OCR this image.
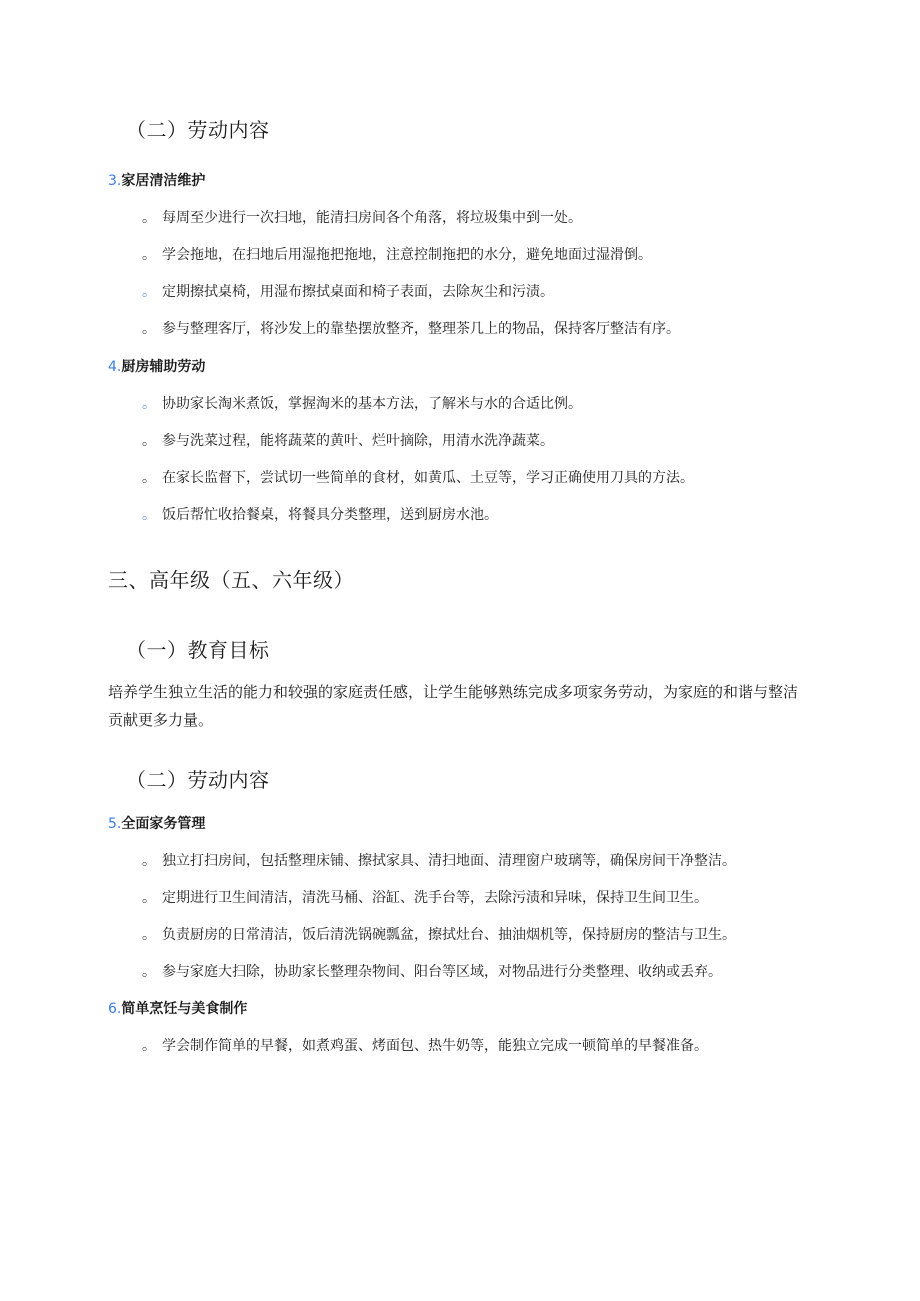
（二）劳动内容
3.家居清洁维护
。 每周至少进行一次扫地，能清扫房间各个角落，将垃圾集中到一处。
。 学会拖地，在扫地后用湿拖把拖地，注意控制拖把的水分，避免地面过湿滑倒。
。 定期擦拭桌椅，用湿布擦拭桌面和椅子表面，去除灰尘和污渍。
。 参与整理客厅，将沙发上的靠垫摆放整齐，整理茶几上的物品，保持客厅整洁有序。
4.厨房辅助劳动
。 协助家长淘米煮饭，掌握淘米的基本方法，了解米与水的合适比例。
。 参与洗菜过程，能将蔬菜的黄叶、烂叶摘除，用清水洗净蔬菜。
。 在家长监督下，尝试切一些简单的食材，如黄瓜、土豆等，学习正确使用刀具的方法。
。 饭后帮忙收拾餐桌，将餐具分类整理，送到厨房水池。
三、高年级（五、六年级）
（一）教育目标
培养学生独立生活的能力和较强的家庭责任感，让学生能够熟练完成多项家务劳动，为家庭的和谐与整洁贡献更多力量。
（二）劳动内容
5.全面家务管理
。 独立打扫房间，包括整理床铺、擦拭家具、清扫地面、清理窗户玻璃等，确保房间干净整洁。
。 定期进行卫生间清洁，清洗马桶、浴缸、洗手台等，去除污渍和异味，保持卫生间卫生。
。 负责厨房的日常清洁，饭后清洗锅碗瓢盆，擦拭灶台、抽油烟机等，保持厨房的整洁与卫生。
。 参与家庭大扫除，协助家长整理杂物间、阳台等区域，对物品进行分类整理、收纳或丢弃。
6.简单烹饪与美食制作
。 学会制作简单的早餐，如煮鸡蛋、烤面包、热牛奶等，能独立完成一顿简单的早餐准备。
